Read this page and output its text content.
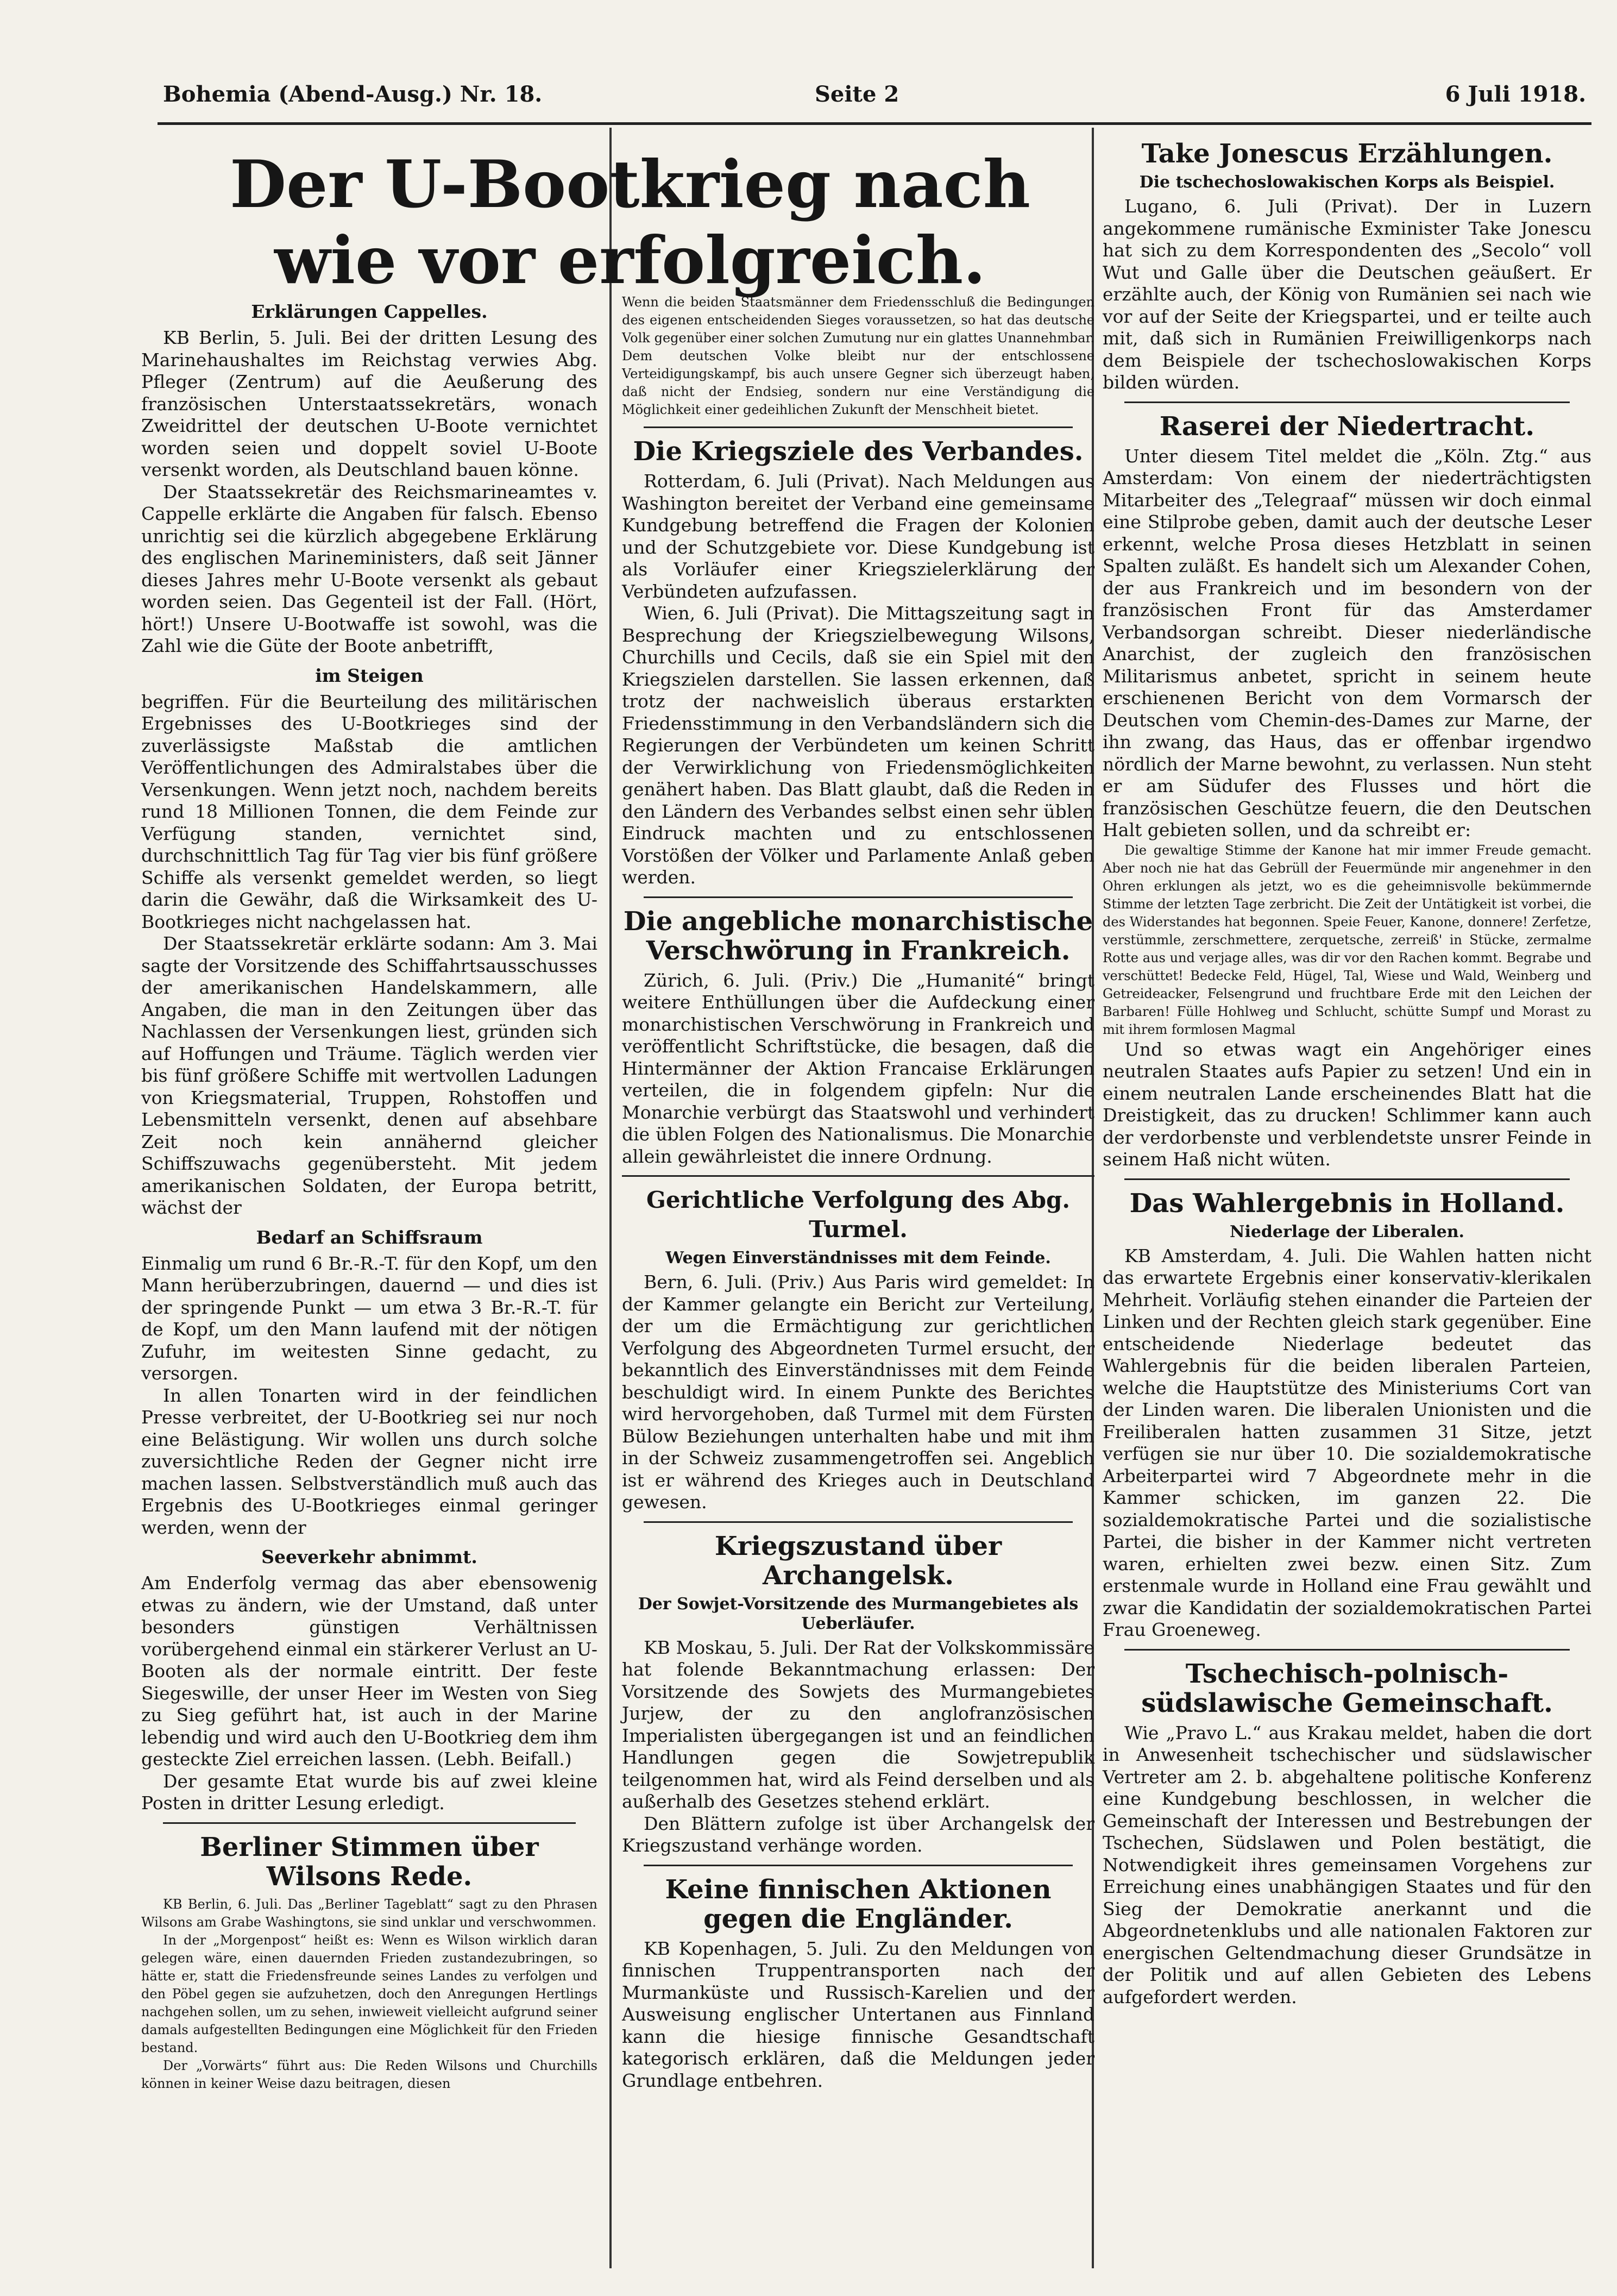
Bohemia (Abend-Ausg.) Nr. 18.	Seite 2	6 Juli 1918.
Der U-Bootkrieg nach wie vor erfolgreich.
Erklärungen Cappelles.

KB Berlin, 5. Juli. Bei der dritten Lesung des Marinehaushaltes im Reichstag verwies Abg. Pfleger (Zentrum) auf die Aeußerung des französischen Unterstaatssekretärs, wonach Zweidrittel der deutschen U-Boote vernichtet worden seien und doppelt soviel U-Boote versenkt worden, als Deutschland bauen könne.

Der Staatssekretär des Reichsmarineamtes v. Cappelle erklärte die Angaben für falsch. Ebenso unrichtig sei die kürzlich abgegebene Erklärung des englischen Marineministers, daß seit Jänner dieses Jahres mehr U-Boote versenkt als gebaut worden seien. Das Gegenteil ist der Fall. (Hört, hört!) Unsere U-Bootwaffe ist sowohl, was die Zahl wie die Güte der Boote anbetrifft,

im Steigen

begriffen. Für die Beurteilung des militärischen Ergebnisses des U-Bootkrieges sind der zuverlässigste Maßstab die amtlichen Veröffentlichungen des Admiralstabes über die Versenkungen. Wenn jetzt noch, nachdem bereits rund 18 Millionen Tonnen, die dem Feinde zur Verfügung standen, vernichtet sind, durchschnittlich Tag für Tag vier bis fünf größere Schiffe als versenkt gemeldet werden, so liegt darin die Gewähr, daß die Wirksamkeit des U-Bootkrieges nicht nachgelassen hat.

Der Staatssekretär erklärte sodann: Am 3. Mai sagte der Vorsitzende des Schiffahrtsausschusses der amerikanischen Handelskammern, alle Angaben, die man in den Zeitungen über das Nachlassen der Versenkungen liest, gründen sich auf Hoffungen und Träume. Täglich werden vier bis fünf größere Schiffe mit wertvollen Ladungen von Kriegsmaterial, Truppen, Rohstoffen und Lebensmitteln versenkt, denen auf absehbare Zeit noch kein annähernd gleicher Schiffszuwachs gegenübersteht. Mit jedem amerikanischen Soldaten, der Europa betritt, wächst der

Bedarf an Schiffsraum

Einmalig um rund 6 Br.-R.-T. für den Kopf, um den Mann herüberzubringen, dauernd — und dies ist der springende Punkt — um etwa 3 Br.-R.-T. für de Kopf, um den Mann laufend mit der nötigen Zufuhr, im weitesten Sinne gedacht, zu versorgen.

In allen Tonarten wird in der feindlichen Presse verbreitet, der U-Bootkrieg sei nur noch eine Belästigung. Wir wollen uns durch solche zuversichtliche Reden der Gegner nicht irre machen lassen. Selbstverständlich muß auch das Ergebnis des U-Bootkrieges einmal geringer werden, wenn der

Seeverkehr abnimmt.

Am Enderfolg vermag das aber ebensowenig etwas zu ändern, wie der Umstand, daß unter besonders günstigen Verhältnissen vorübergehend einmal ein stärkerer Verlust an U-Booten als der normale eintritt. Der feste Siegeswille, der unser Heer im Westen von Sieg zu Sieg geführt hat, ist auch in der Marine lebendig und wird auch den U-Bootkrieg dem ihm gesteckte Ziel erreichen lassen. (Lebh. Beifall.)

Der gesamte Etat wurde bis auf zwei kleine Posten in dritter Lesung erledigt.

Berliner Stimmen über Wilsons Rede.

KB Berlin, 6. Juli. Das „Berliner Tageblatt“ sagt zu den Phrasen Wilsons am Grabe Washingtons, sie sind unklar und verschwommen.

In der „Morgenpost“ heißt es: Wenn es Wilson wirklich daran gelegen wäre, einen dauernden Frieden zustandezubringen, so hätte er, statt die Friedensfreunde seines Landes zu verfolgen und den Pöbel gegen sie aufzuhetzen, doch den Anregungen Hertlings nachgehen sollen, um zu sehen, inwieweit vielleicht aufgrund seiner damals aufgestellten Bedingungen eine Möglichkeit für den Frieden bestand.

Der „Vorwärts“ führt aus: Die Reden Wilsons und Churchills können in keiner Weise dazu beitragen, diesen

Wenn die beiden Staatsmänner dem Friedensschluß die Bedingungen des eigenen entscheidenden Sieges voraussetzen, so hat das deutsche Volk gegenüber einer solchen Zumutung nur ein glattes Unannehmbar. Dem deutschen Volke bleibt nur der entschlossene Verteidigungskampf, bis auch unsere Gegner sich überzeugt haben, daß nicht der Endsieg, sondern nur eine Verständigung die Möglichkeit einer gedeihlichen Zukunft der Menschheit bietet.

Die Kriegsziele des Verbandes.

Rotterdam, 6. Juli (Privat). Nach Meldungen aus Washington bereitet der Verband eine gemeinsame Kundgebung betreffend die Fragen der Kolonien und der Schutzgebiete vor. Diese Kundgebung ist als Vorläufer einer Kriegszielerklärung der Verbündeten aufzufassen.

Wien, 6. Juli (Privat). Die Mittagszeitung sagt in Besprechung der Kriegszielbewegung Wilsons, Churchills und Cecils, daß sie ein Spiel mit den Kriegszielen darstellen. Sie lassen erkennen, daß trotz der nachweislich überaus erstarkten Friedensstimmung in den Verbandsländern sich die Regierungen der Verbündeten um keinen Schritt der Verwirklichung von Friedensmöglichkeiten genähert haben. Das Blatt glaubt, daß die Reden in den Ländern des Verbandes selbst einen sehr üblen Eindruck machten und zu entschlossenen Vorstößen der Völker und Parlamente Anlaß geben werden.

Die angebliche monarchistische Verschwörung in Frankreich.

Zürich, 6. Juli. (Priv.) Die „Humanité“ bringt weitere Enthüllungen über die Aufdeckung einer monarchistischen Verschwörung in Frankreich und veröffentlicht Schriftstücke, die besagen, daß die Hintermänner der Aktion Francaise Erklärungen verteilen, die in folgendem gipfeln: Nur die Monarchie verbürgt das Staatswohl und verhindert die üblen Folgen des Nationalismus. Die Monarchie allein gewährleistet die innere Ordnung.

Gerichtliche Verfolgung des Abg. Turmel.
Wegen Einverständnisses mit dem Feinde.

Bern, 6. Juli. (Priv.) Aus Paris wird gemeldet: In der Kammer gelangte ein Bericht zur Verteilung, der um die Ermächtigung zur gerichtlichen Verfolgung des Abgeordneten Turmel ersucht, der bekanntlich des Einverständnisses mit dem Feinde beschuldigt wird. In einem Punkte des Berichtes wird hervorgehoben, daß Turmel mit dem Fürsten Bülow Beziehungen unterhalten habe und mit ihm in der Schweiz zusammengetroffen sei. Angeblich ist er während des Krieges auch in Deutschland gewesen.

Kriegszustand über Archangelsk.
Der Sowjet-Vorsitzende des Murmangebietes als Ueberläufer.

KB Moskau, 5. Juli. Der Rat der Volkskommissäre hat folende Bekanntmachung erlassen: Der Vorsitzende des Sowjets des Murmangebietes Jurjew, der zu den anglofranzösischen Imperialisten übergegangen ist und an feindlichen Handlungen gegen die Sowjetrepublik teilgenommen hat, wird als Feind derselben und als außerhalb des Gesetzes stehend erklärt.

Den Blättern zufolge ist über Archangelsk der Kriegszustand verhänge worden.

Keine finnischen Aktionen gegen die Engländer.

KB Kopenhagen, 5. Juli. Zu den Meldungen von finnischen Truppentransporten nach der Murmanküste und Russisch-Karelien und der Ausweisung englischer Untertanen aus Finnland kann die hiesige finnische Gesandtschaft kategorisch erklären, daß die Meldungen jeder Grundlage entbehren.

Take Jonescus Erzählungen.
Die tschechoslowakischen Korps als Beispiel.

Lugano, 6. Juli (Privat). Der in Luzern angekommene rumänische Exminister Take Jonescu hat sich zu dem Korrespondenten des „Secolo“ voll Wut und Galle über die Deutschen geäußert. Er erzählte auch, der König von Rumänien sei nach wie vor auf der Seite der Kriegspartei, und er teilte auch mit, daß sich in Rumänien Freiwilligenkorps nach dem Beispiele der tschechoslowakischen Korps bilden würden.

Raserei der Niedertracht.

Unter diesem Titel meldet die „Köln. Ztg.“ aus Amsterdam: Von einem der niederträchtigsten Mitarbeiter des „Telegraaf“ müssen wir doch einmal eine Stilprobe geben, damit auch der deutsche Leser erkennt, welche Prosa dieses Hetzblatt in seinen Spalten zuläßt. Es handelt sich um Alexander Cohen, der aus Frankreich und im besondern von der französischen Front für das Amsterdamer Verbandsorgan schreibt. Dieser niederländische Anarchist, der zugleich den französischen Militarismus anbetet, spricht in seinem heute erschienenen Bericht von dem Vormarsch der Deutschen vom Chemin-des-Dames zur Marne, der ihn zwang, das Haus, das er offenbar irgendwo nördlich der Marne bewohnt, zu verlassen. Nun steht er am Südufer des Flusses und hört die französischen Geschütze feuern, die den Deutschen Halt gebieten sollen, und da schreibt er:

Die gewaltige Stimme der Kanone hat mir immer Freude gemacht. Aber noch nie hat das Gebrüll der Feuermünde mir angenehmer in den Ohren erklungen als jetzt, wo es die geheimnisvolle bekümmernde Stimme der letzten Tage zerbricht. Die Zeit der Untätigkeit ist vorbei, die des Widerstandes hat begonnen. Speie Feuer, Kanone, donnere! Zerfetze, verstümmle, zerschmettere, zerquetsche, zerreiß' in Stücke, zermalme Rotte aus und verjage alles, was dir vor den Rachen kommt. Begrabe und verschüttet! Bedecke Feld, Hügel, Tal, Wiese und Wald, Weinberg und Getreideacker, Felsengrund und fruchtbare Erde mit den Leichen der Barbaren! Fülle Hohlweg und Schlucht, schütte Sumpf und Morast zu mit ihrem formlosen Magmal

Und so etwas wagt ein Angehöriger eines neutralen Staates aufs Papier zu setzen! Und ein in einem neutralen Lande erscheinendes Blatt hat die Dreistigkeit, das zu drucken! Schlimmer kann auch der verdorbenste und verblendetste unsrer Feinde in seinem Haß nicht wüten.

Das Wahlergebnis in Holland.
Niederlage der Liberalen.

KB Amsterdam, 4. Juli. Die Wahlen hatten nicht das erwartete Ergebnis einer konservativ-klerikalen Mehrheit. Vorläufig stehen einander die Parteien der Linken und der Rechten gleich stark gegenüber. Eine entscheidende Niederlage bedeutet das Wahlergebnis für die beiden liberalen Parteien, welche die Hauptstütze des Ministeriums Cort van der Linden waren. Die liberalen Unionisten und die Freiliberalen hatten zusammen 31 Sitze, jetzt verfügen sie nur über 10. Die sozialdemokratische Arbeiterpartei wird 7 Abgeordnete mehr in die Kammer schicken, im ganzen 22. Die sozialdemokratische Partei und die sozialistische Partei, die bisher in der Kammer nicht vertreten waren, erhielten zwei bezw. einen Sitz. Zum erstenmale wurde in Holland eine Frau gewählt und zwar die Kandidatin der sozialdemokratischen Partei Frau Groeneweg.

Tschechisch-polnisch-südslawische Gemeinschaft.

Wie „Pravo L.“ aus Krakau meldet, haben die dort in Anwesenheit tschechischer und südslawischer Vertreter am 2. b. abgehaltene politische Konferenz eine Kundgebung beschlossen, in welcher die Gemeinschaft der Interessen und Bestrebungen der Tschechen, Südslawen und Polen bestätigt, die Notwendigkeit ihres gemeinsamen Vorgehens zur Erreichung eines unabhängigen Staates und für den Sieg der Demokratie anerkannt und die Abgeordnetenklubs und alle nationalen Faktoren zur energischen Geltendmachung dieser Grundsätze in der Politik und auf allen Gebieten des Lebens aufgefordert werden.
